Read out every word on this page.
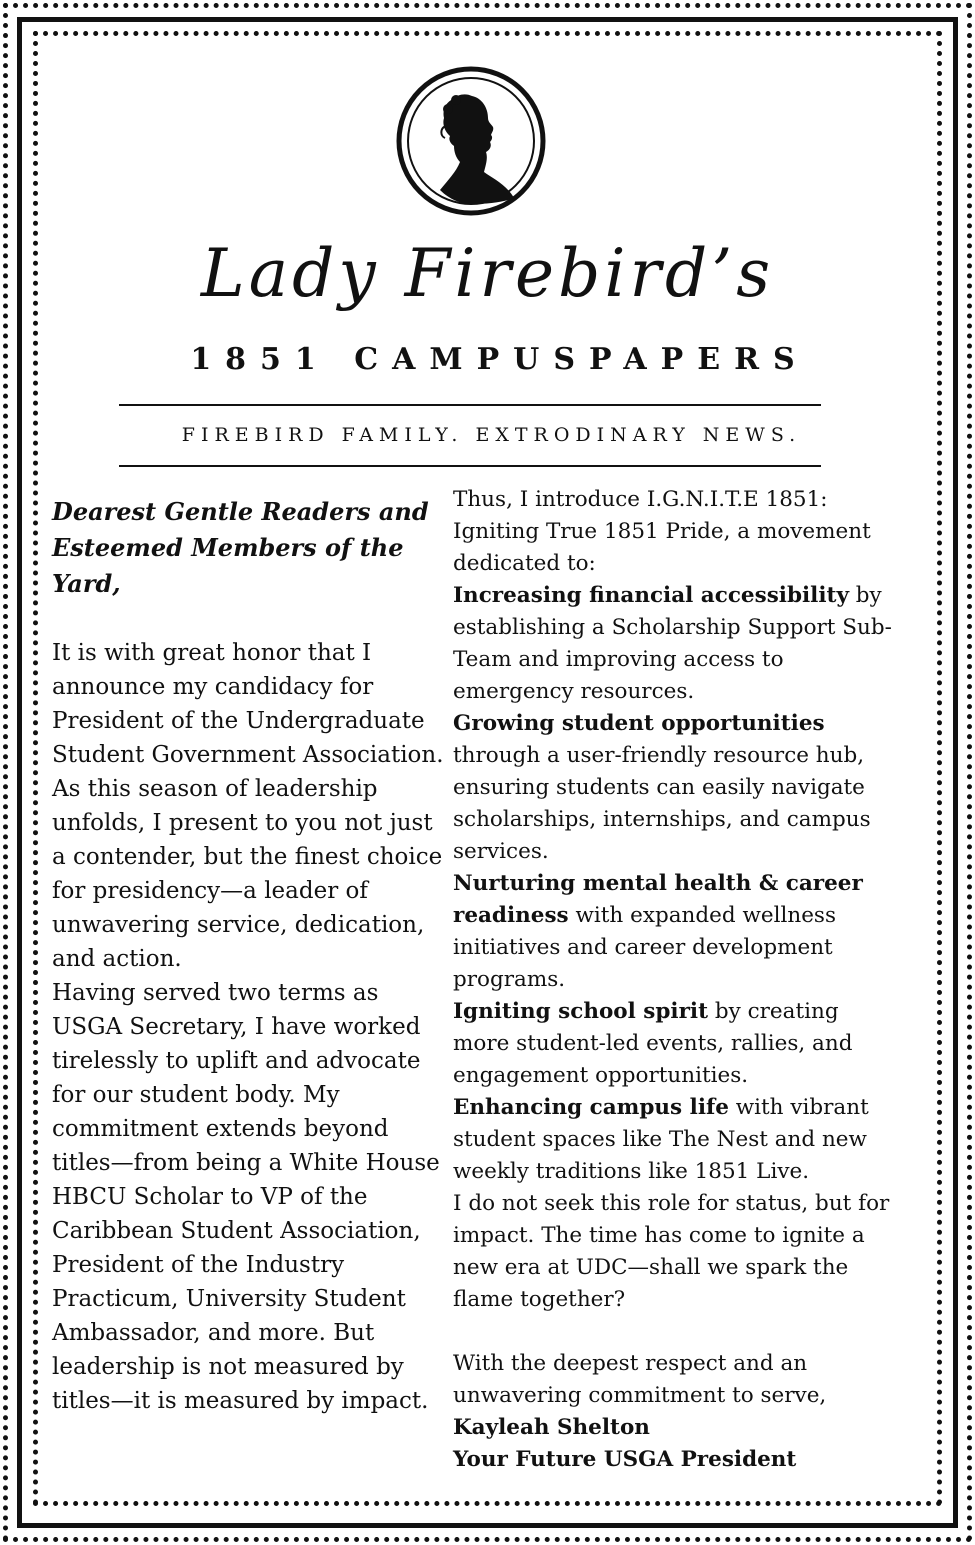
Lady Firebird’s
1851 CAMPUSPAPERS
FIREBIRD FAMILY. EXTRODINARY NEWS.

Dearest Gentle Readers and Esteemed Members of the Yard,

It is with great honor that I announce my candidacy for President of the Undergraduate Student Government Association. As this season of leadership unfolds, I present to you not just a contender, but the finest choice for presidency—a leader of unwavering service, dedication, and action.

Having served two terms as USGA Secretary, I have worked tirelessly to uplift and advocate for our student body. My commitment extends beyond titles—from being a White House HBCU Scholar to VP of the Caribbean Student Association, President of the Industry Practicum, University Student Ambassador, and more. But leadership is not measured by titles—it is measured by impact.

Thus, I introduce I.G.N.I.T.E 1851: Igniting True 1851 Pride, a movement dedicated to:

Increasing financial accessibility by establishing a Scholarship Support Sub-Team and improving access to emergency resources.

Growing student opportunities through a user-friendly resource hub, ensuring students can easily navigate scholarships, internships, and campus services.

Nurturing mental health & career readiness with expanded wellness initiatives and career development programs.

Igniting school spirit by creating more student-led events, rallies, and engagement opportunities.

Enhancing campus life with vibrant student spaces like The Nest and new weekly traditions like 1851 Live.

I do not seek this role for status, but for impact. The time has come to ignite a new era at UDC—shall we spark the flame together?

With the deepest respect and an unwavering commitment to serve,

Kayleah Shelton

Your Future USGA President
